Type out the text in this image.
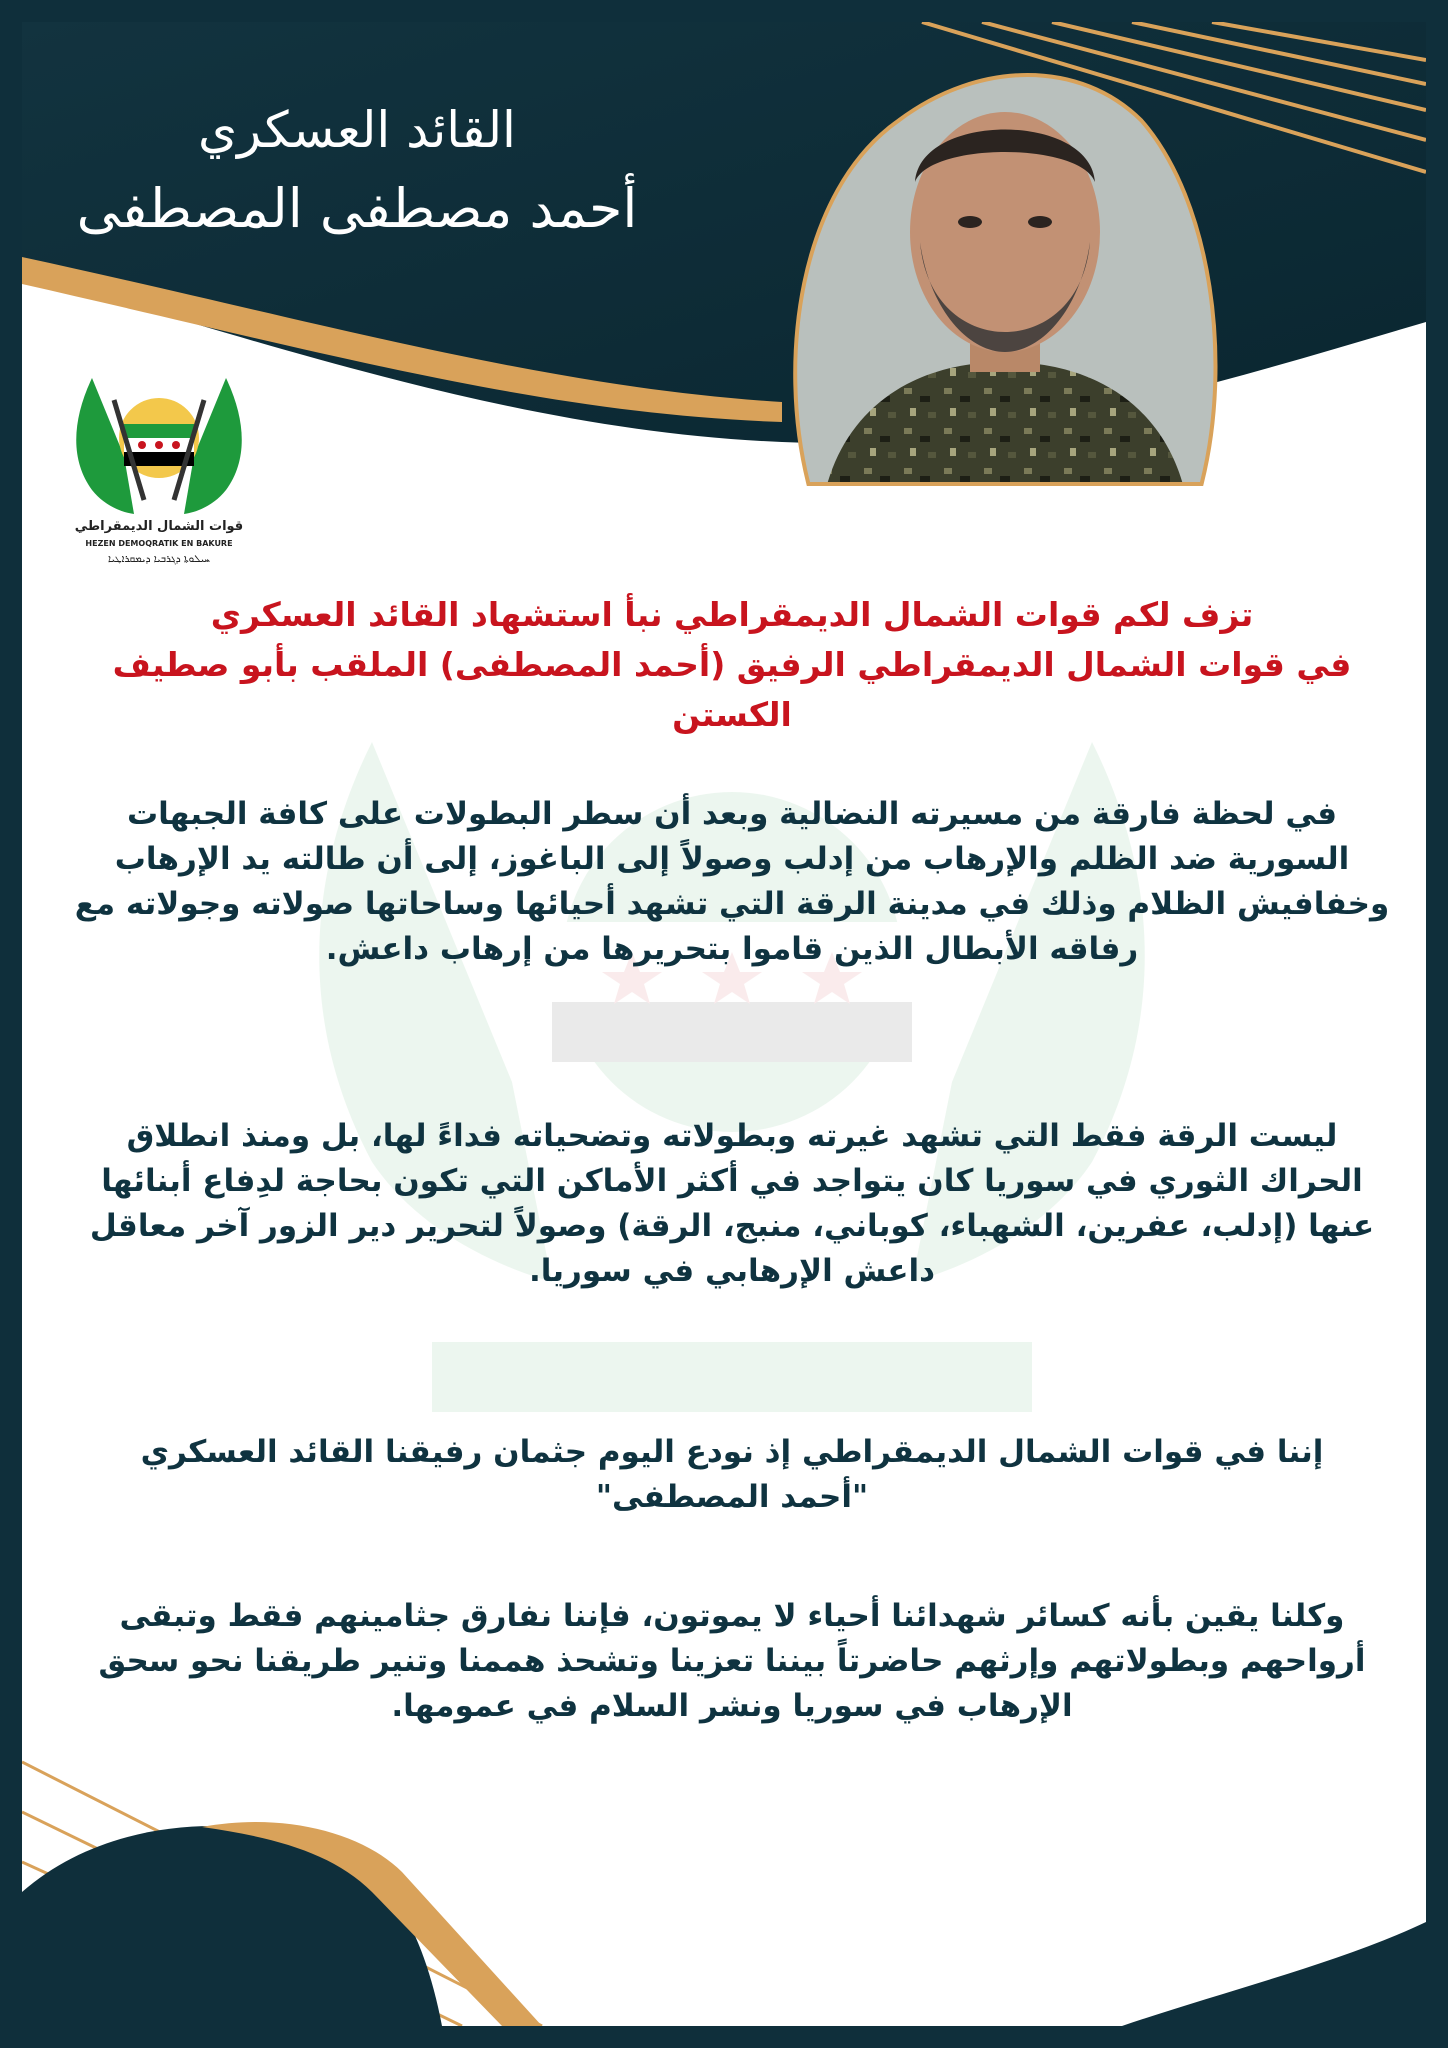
القائد العسكري
أحمد مصطفى المصطفى
قوات الشمال الديمقراطي
HEZEN DEMOQRATIK EN BAKURE
ܚܝܠܘܬܐ ܕܓܪܒܝܐ ܕܝܡܩܪܐܛܝܐ
تزف لكم قوات الشمال الديمقراطي نبأ استشهاد القائد العسكري
في قوات الشمال الديمقراطي الرفيق (أحمد المصطفى) الملقب بأبو صطيف الكستن
في لحظة فارقة من مسيرته النضالية وبعد أن سطر البطولات على كافة الجبهات السورية ضد الظلم والإرهاب من إدلب وصولاً إلى الباغوز، إلى أن طالته يد الإرهاب وخفافيش الظلام وذلك في مدينة الرقة التي تشهد أحيائها وساحاتها صولاته وجولاته مع رفاقه الأبطال الذين قاموا بتحريرها من إرهاب داعش.
ليست الرقة فقط التي تشهد غيرته وبطولاته وتضحياته فداءً لها، بل ومنذ انطلاق الحراك الثوري في سوريا كان يتواجد في أكثر الأماكن التي تكون بحاجة لدِفاع أبنائها عنها (إدلب، عفرين، الشهباء، كوباني، منبج، الرقة) وصولاً لتحرير دير الزور آخر معاقل داعش الإرهابي في سوريا.
إننا في قوات الشمال الديمقراطي إذ نودع اليوم جثمان رفيقنا القائد العسكري
"أحمد المصطفى"
وكلنا يقين بأنه كسائر شهدائنا أحياء لا يموتون، فإننا نفارق جثامينهم فقط وتبقى أرواحهم وبطولاتهم وإرثهم حاضرتاً بيننا تعزينا وتشحذ هممنا وتنير طريقنا نحو سحق الإرهاب في سوريا ونشر السلام في عمومها.
